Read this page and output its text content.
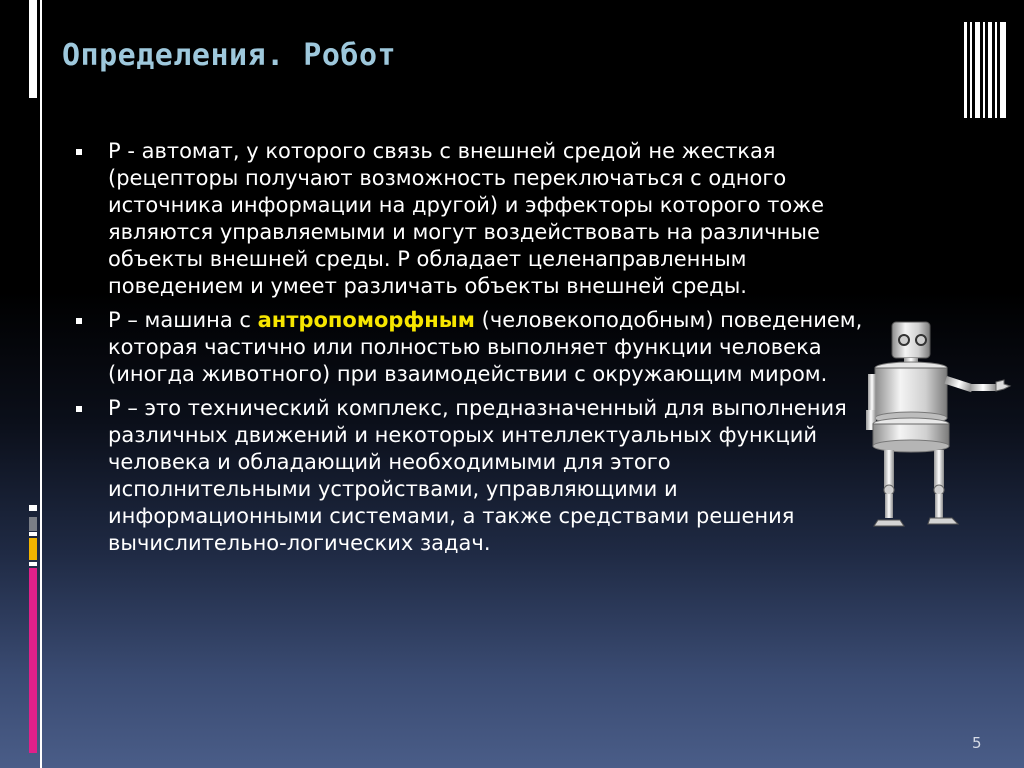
Определения. Робот
Р - автомат, у которого связь с внешней средой не жесткая (рецепторы получают возможность переключаться с одного источника информации на другой) и эффекторы которого тоже являются управляемыми и могут воздействовать на различные объекты внешней среды. Р обладает целенаправленным поведением и умеет различать объекты внешней среды.
Р – машина с антропоморфным (человекоподобным) поведением, которая частично или полностью выполняет функции человека (иногда животного) при взаимодействии с окружающим миром.
Р – это технический комплекс, предназначенный для выполнения различных движений и некоторых интеллектуальных функций человека и обладающий необходимыми для этого исполнительными устройствами, управляющими и информационными системами, а также средствами решения вычислительно-логических задач.
5
